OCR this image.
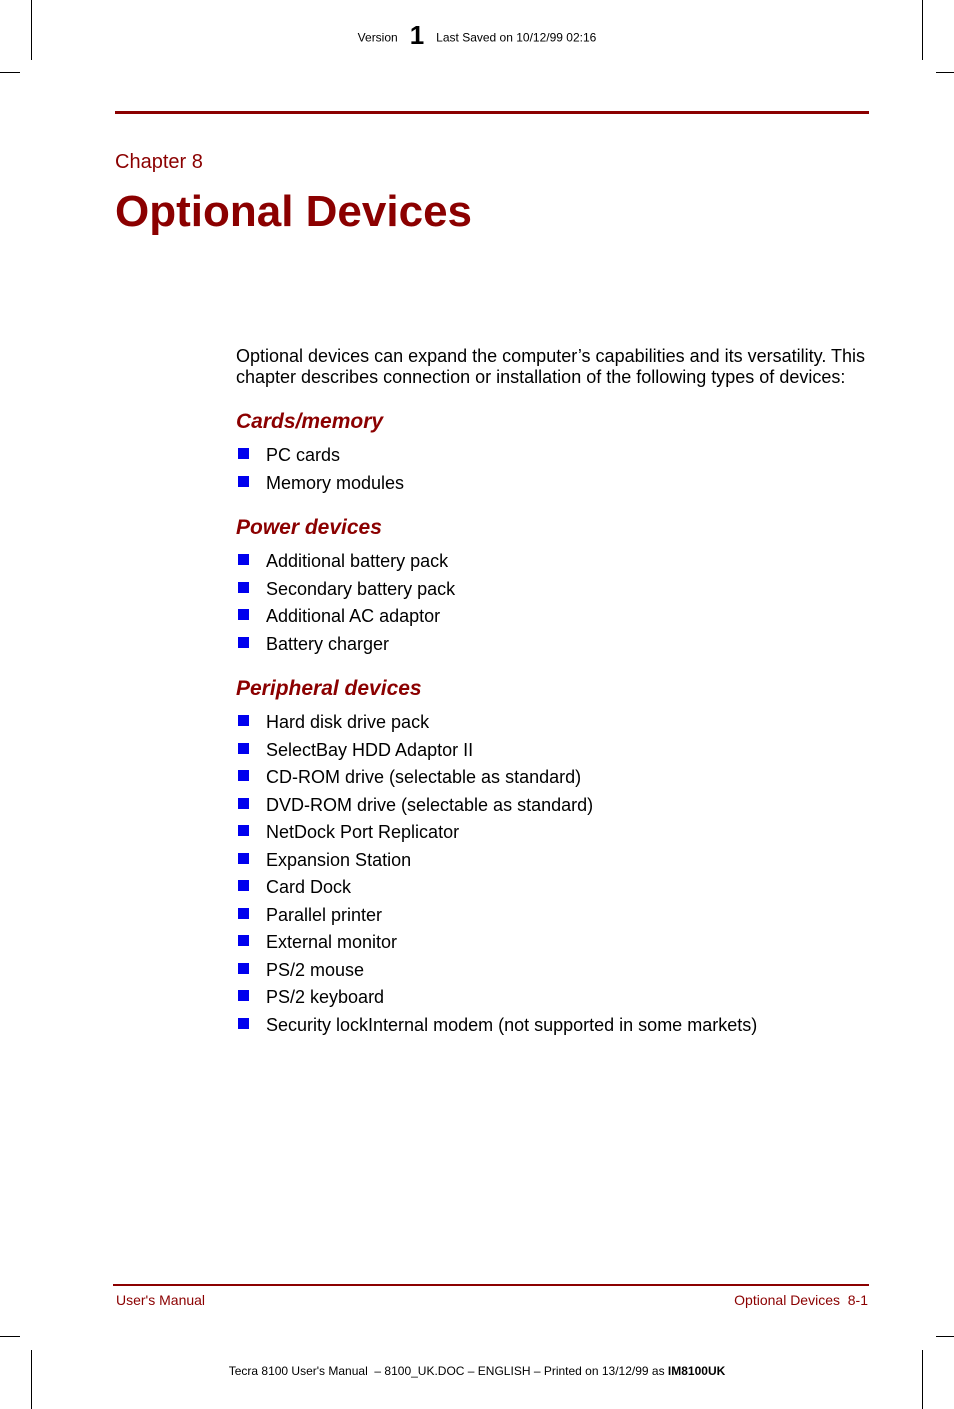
Version 1 Last Saved on 10/12/99 02:16
Chapter 8
Optional Devices

Optional devices can expand the computer’s capabilities and its versatility. This chapter describes connection or installation of the following types of devices:

Cards/memory
PC cards
Memory modules
Power devices
Additional battery pack
Secondary battery pack
Additional AC adaptor
Battery charger
Peripheral devices
Hard disk drive pack
SelectBay HDD Adaptor II
CD-ROM drive (selectable as standard)
DVD-ROM drive (selectable as standard)
NetDock Port Replicator
Expansion Station
Card Dock
Parallel printer
External monitor
PS/2 mouse
PS/2 keyboard
Security lockInternal modem (not supported in some markets)
User's Manual	Optional Devices  8-1
Tecra 8100 User's Manual  – 8100_UK.DOC – ENGLISH – Printed on 13/12/99 as IM8100UK
